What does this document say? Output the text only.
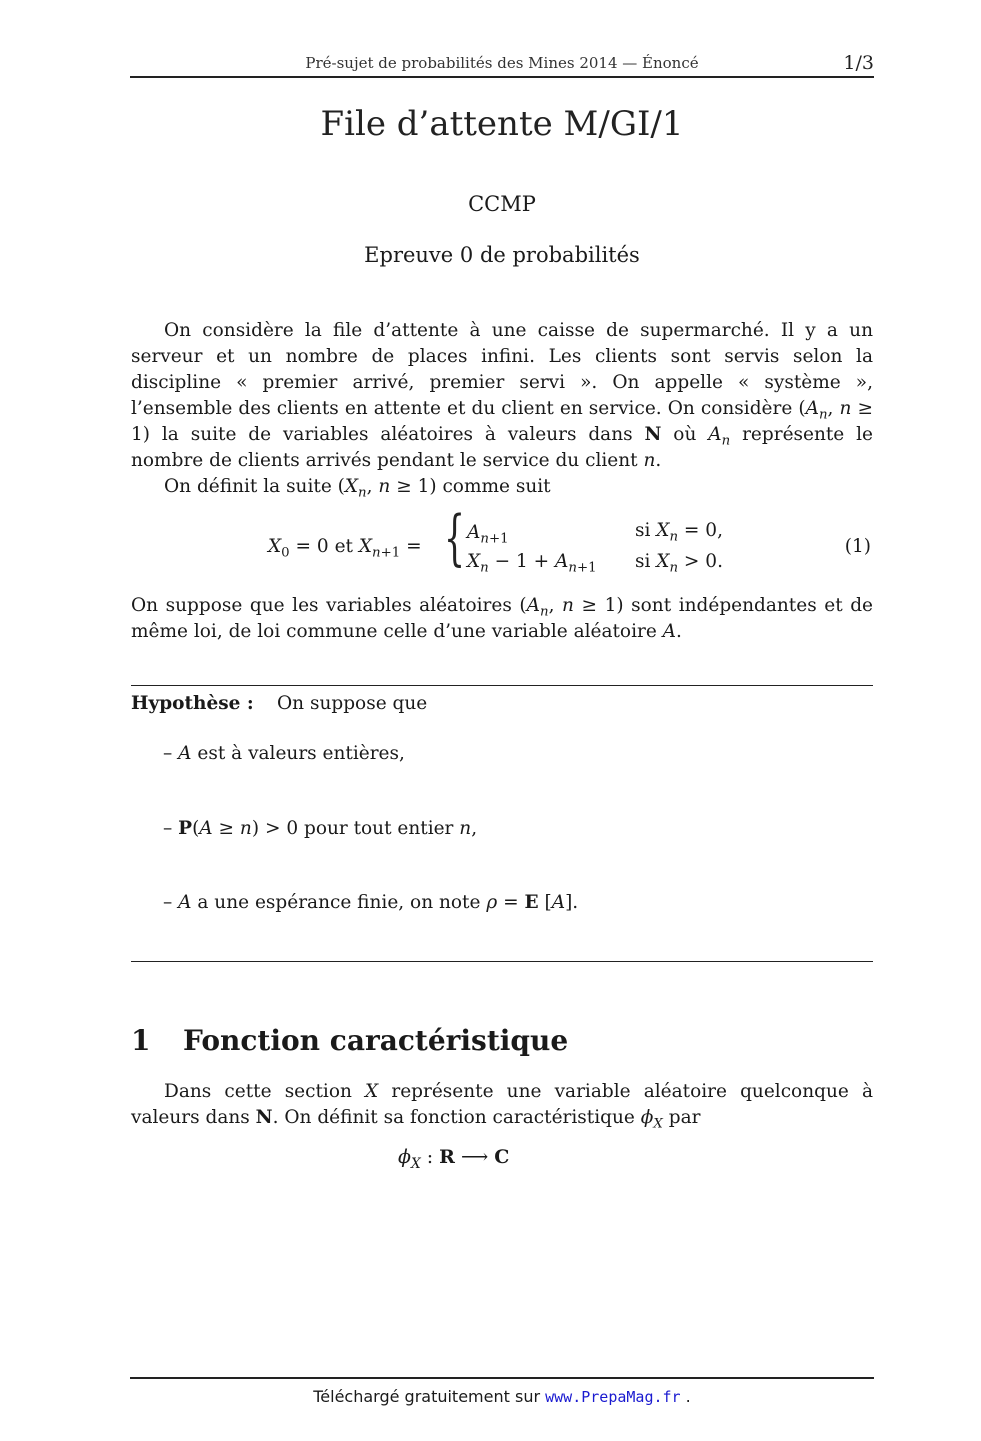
Pré-sujet de probabilités des Mines 2014 — Énoncé	1/3
File d’attente M/GI/1
CCMP
Epreuve 0 de probabilités
On considère la file d’attente à une caisse de supermarché. Il y a un serveur et un nombre de places infini. Les clients sont servis selon la discipline « premier arrivé, premier servi ». On appelle « système », l’ensemble des clients en attente et du client en service. On considère ($A_n$, n ≥ 1) la suite de variables aléatoires à valeurs dans N où $A_n$ représente le nombre de clients arrivés pendant le service du client n.
On définit la suite ($X_n$, n ≥ 1) comme suit
$X_0 = 0$ et $X_{n+1}$ = { $A_{n+1}$	si $X_n = 0$,
$X_n - 1 + A_{n+1}$ si $X_n > 0$.
(1)
On suppose que les variables aléatoires ($A_n$, n ≥ 1) sont indépendantes et de même loi, de loi commune celle d’une variable aléatoire A.
Hypothèse : On suppose que
– A est à valeurs entières,
– P(A ≥ n) > 0 pour tout entier n,
– A a une espérance finie, on note ρ = E [A].
1 Fonction caractéristique
Dans cette section X représente une variable aléatoire quelconque à valeurs dans N. On définit sa fonction caractéristique $\phi_X$ par
$\phi_X$ : R ⟶ C
Téléchargé gratuitement sur www.PrepaMag.fr .
